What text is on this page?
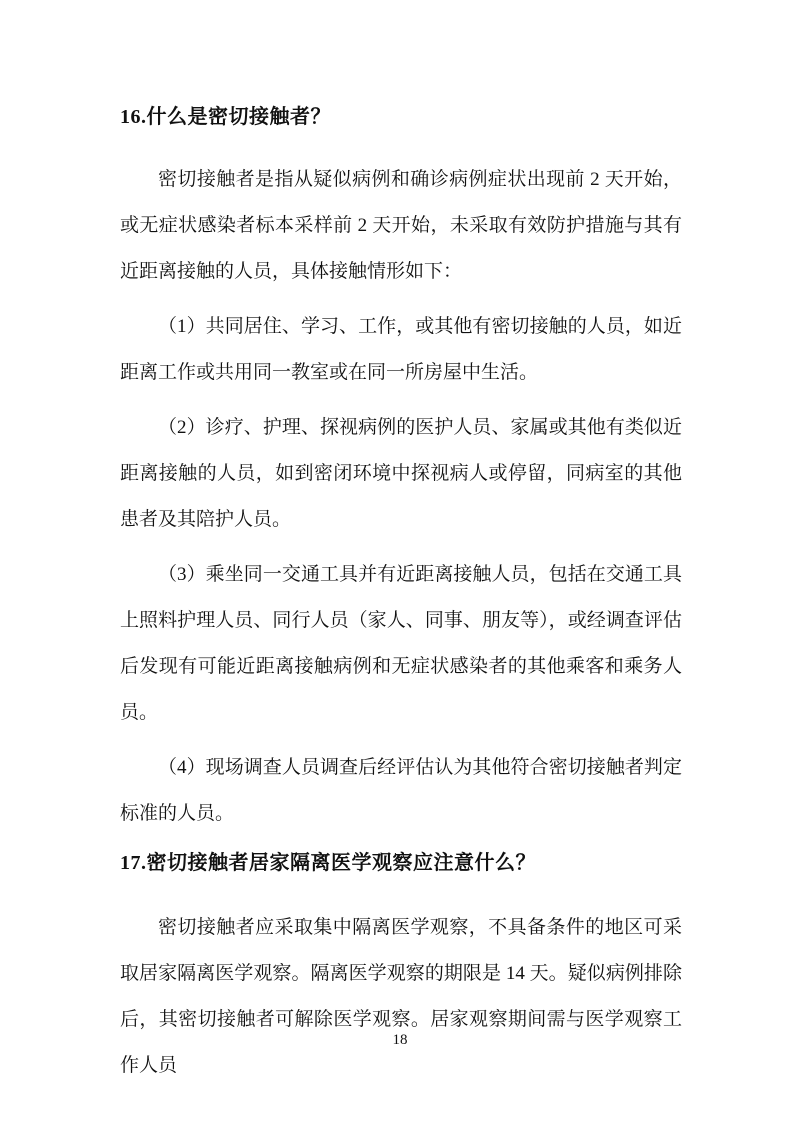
16.什么是密切接触者？

密切接触者是指从疑似病例和确诊病例症状出现前 2 天开始，或无症状感染者标本采样前 2 天开始，未采取有效防护措施与其有近距离接触的人员，具体接触情形如下：

（1）共同居住、学习、工作，或其他有密切接触的人员，如近距离工作或共用同一教室或在同一所房屋中生活。

（2）诊疗、护理、探视病例的医护人员、家属或其他有类似近距离接触的人员，如到密闭环境中探视病人或停留，同病室的其他患者及其陪护人员。

（3）乘坐同一交通工具并有近距离接触人员，包括在交通工具上照料护理人员、同行人员（家人、同事、朋友等），或经调查评估后发现有可能近距离接触病例和无症状感染者的其他乘客和乘务人员。

（4）现场调查人员调查后经评估认为其他符合密切接触者判定标准的人员。

17.密切接触者居家隔离医学观察应注意什么？

密切接触者应采取集中隔离医学观察，不具备条件的地区可采取居家隔离医学观察。隔离医学观察的期限是 14 天。疑似病例排除后，其密切接触者可解除医学观察。居家观察期间需与医学观察工作人员

18
